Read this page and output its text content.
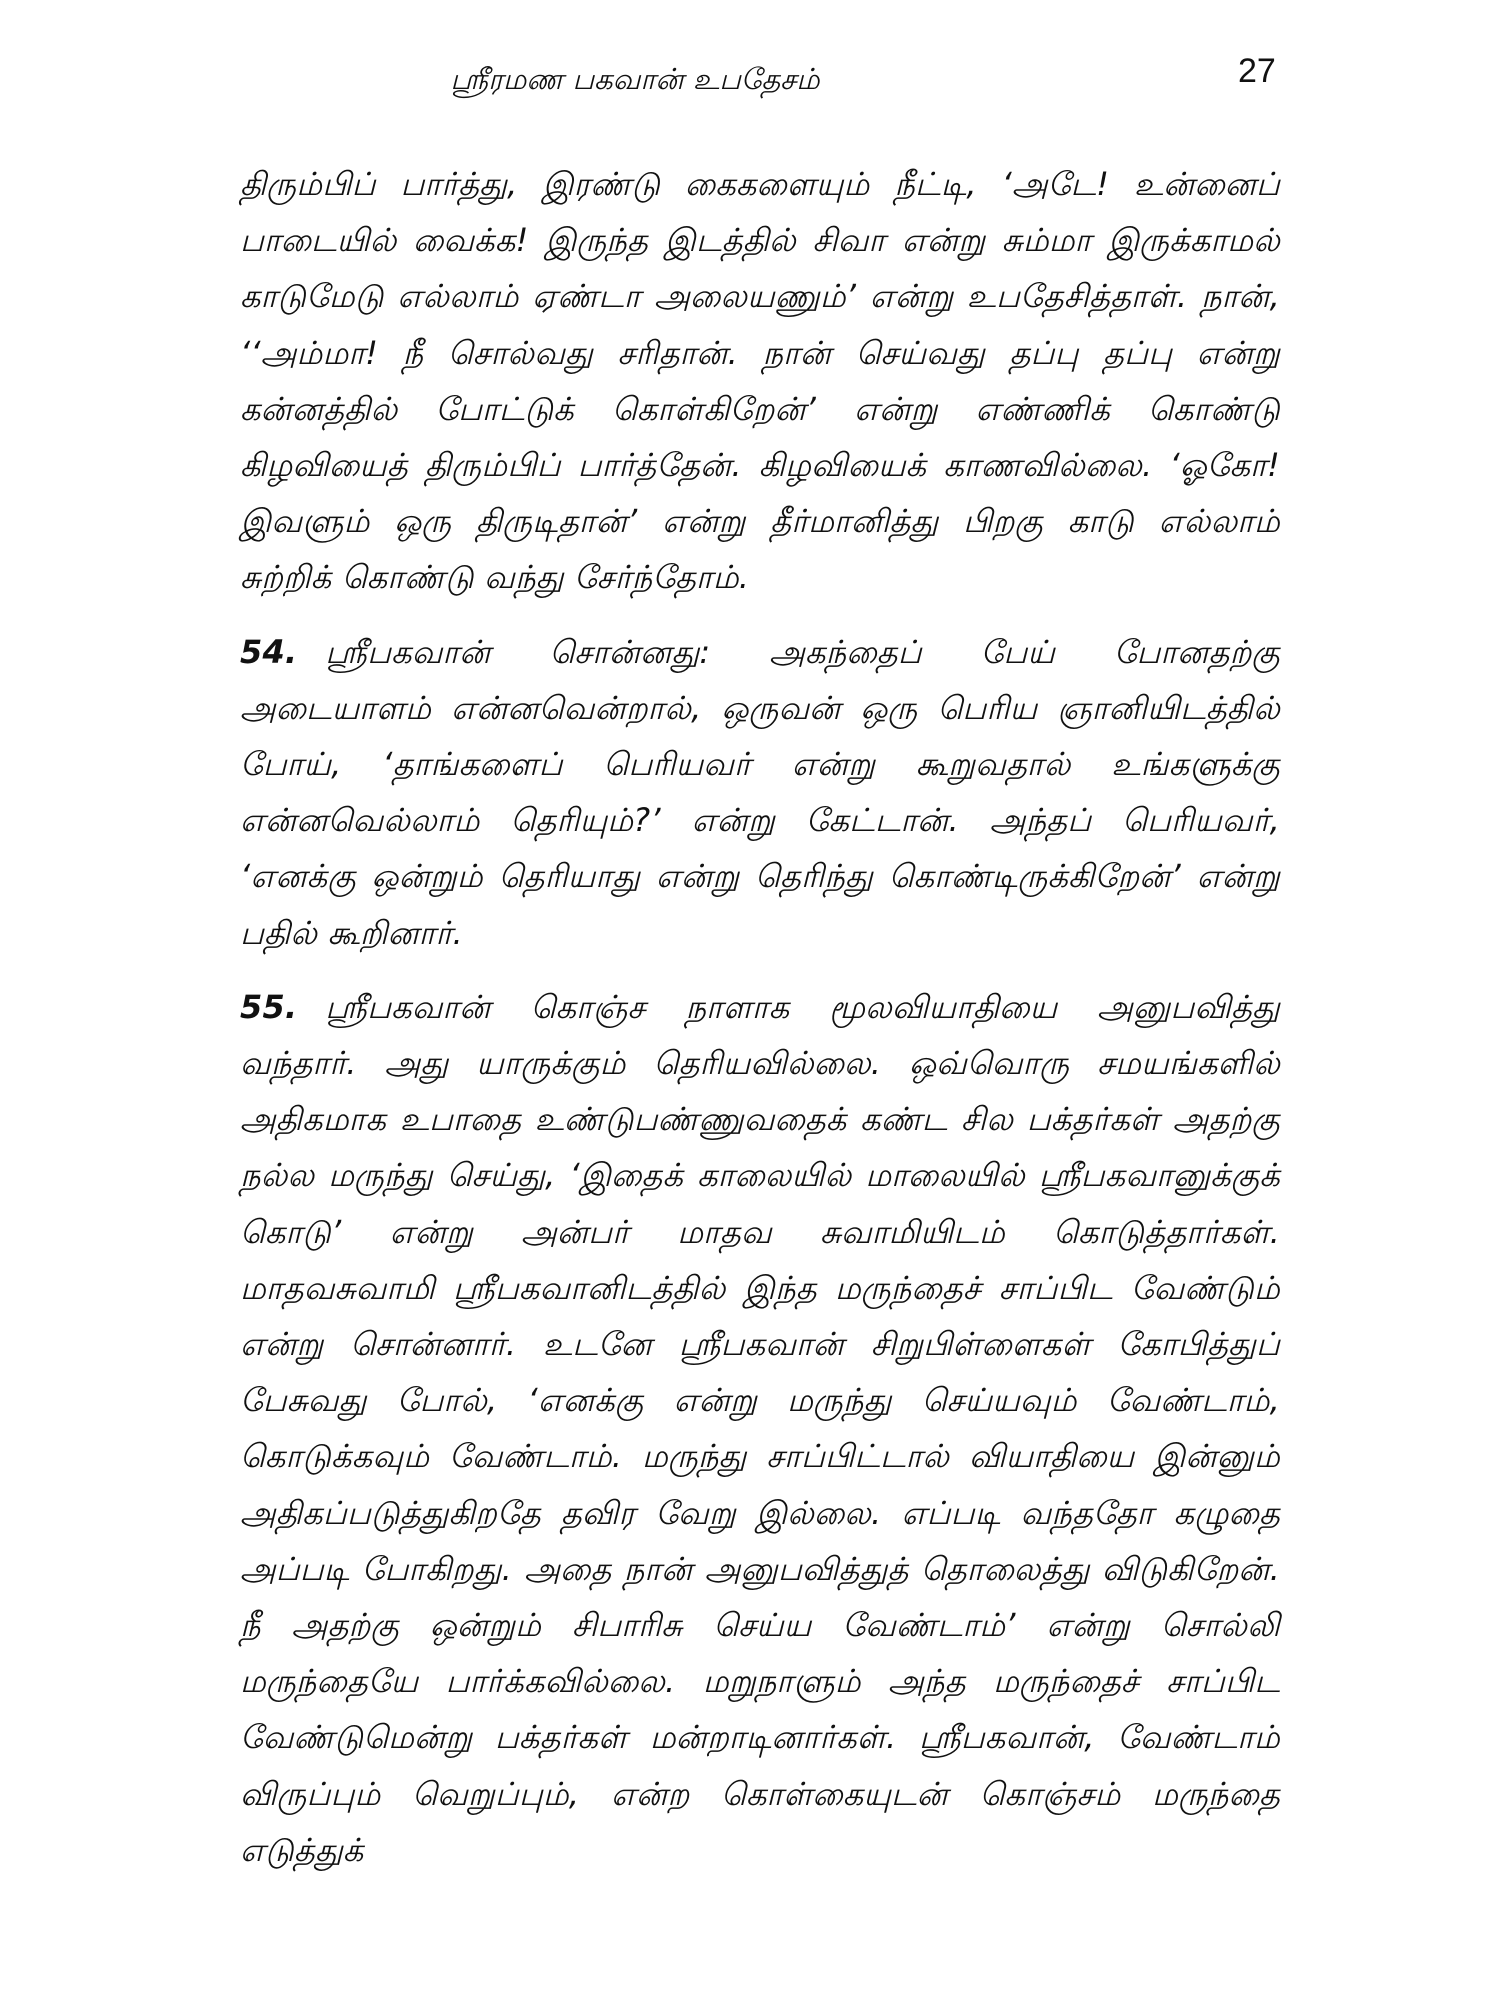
ஸ்ரீரமண பகவான் உபதேசம்	27

திரும்பிப் பார்த்து, இரண்டு கைகளையும் நீட்டி, ‘அடே! உன்னைப் பாடையில் வைக்க! இருந்த இடத்தில் சிவா என்று சும்மா இருக்காமல் காடுமேடு எல்லாம் ஏண்டா அலையணும்’ என்று உபதேசித்தாள். நான், ‘‘அம்மா! நீ சொல்வது சரிதான். நான் செய்வது தப்பு தப்பு என்று கன்னத்தில் போட்டுக் கொள்கிறேன்’ என்று எண்ணிக் கொண்டு கிழவியைத் திரும்பிப் பார்த்தேன். கிழவியைக் காணவில்லை. ‘ஓகோ! இவளும் ஒரு திருடிதான்’ என்று தீர்மானித்து பிறகு காடு எல்லாம் சுற்றிக் கொண்டு வந்து சேர்ந்தோம்.

54. ஸ்ரீபகவான் சொன்னது: அகந்தைப் பேய் போனதற்கு அடையாளம் என்னவென்றால், ஒருவன் ஒரு பெரிய ஞானியிடத்தில் போய், ‘தாங்களைப் பெரியவர் என்று கூறுவதால் உங்களுக்கு என்னவெல்லாம் தெரியும்?’ என்று கேட்டான். அந்தப் பெரியவர், ‘எனக்கு ஒன்றும் தெரியாது என்று தெரிந்து கொண்டிருக்கிறேன்’ என்று பதில் கூறினார்.

55. ஸ்ரீபகவான் கொஞ்ச நாளாக மூலவியாதியை அனுபவித்து வந்தார். அது யாருக்கும் தெரியவில்லை. ஒவ்வொரு சமயங்களில் அதிகமாக உபாதை உண்டுபண்ணுவதைக் கண்ட சில பக்தர்கள் அதற்கு நல்ல மருந்து செய்து, ‘இதைக் காலையில் மாலையில் ஸ்ரீபகவானுக்குக் கொடு’ என்று அன்பர் மாதவ சுவாமியிடம் கொடுத்தார்கள். மாதவசுவாமி ஸ்ரீபகவானிடத்தில் இந்த மருந்தைச் சாப்பிட வேண்டும் என்று சொன்னார். உடனே ஸ்ரீபகவான் சிறுபிள்ளைகள் கோபித்துப் பேசுவது போல், ‘எனக்கு என்று மருந்து செய்யவும் வேண்டாம், கொடுக்கவும் வேண்டாம். மருந்து சாப்பிட்டால் வியாதியை இன்னும் அதிகப்படுத்துகிறதே தவிர வேறு இல்லை. எப்படி வந்ததோ கழுதை அப்படி போகிறது. அதை நான் அனுபவித்துத் தொலைத்து விடுகிறேன். நீ அதற்கு ஒன்றும் சிபாரிசு செய்ய வேண்டாம்’ என்று சொல்லி மருந்தையே பார்க்கவில்லை. மறுநாளும் அந்த மருந்தைச் சாப்பிட வேண்டுமென்று பக்தர்கள் மன்றாடினார்கள். ஸ்ரீபகவான், வேண்டாம் விருப்பும் வெறுப்பும், என்ற கொள்கையுடன் கொஞ்சம் மருந்தை எடுத்துக்
